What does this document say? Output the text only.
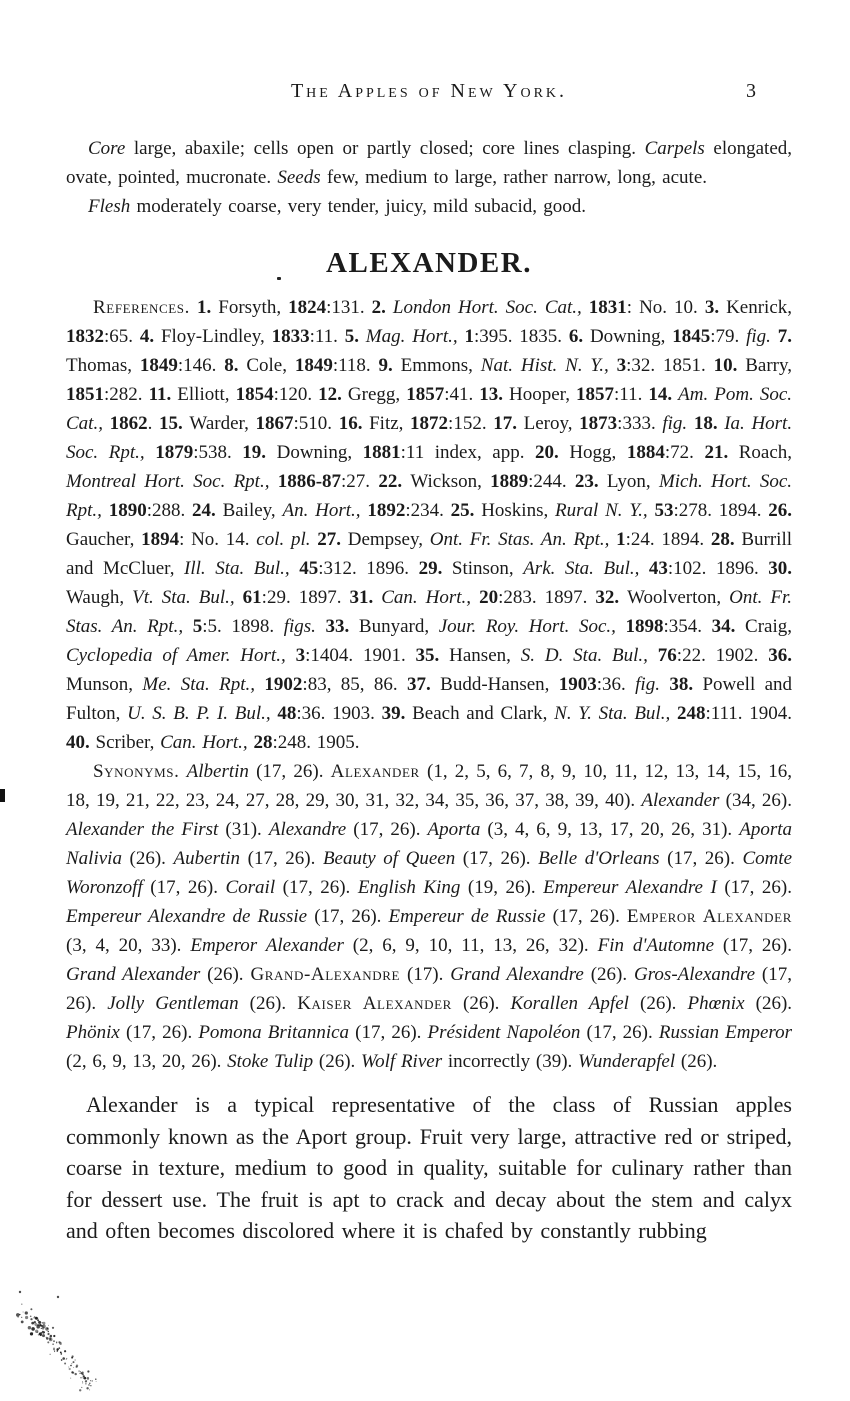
The Apples of New York.	3

Core large, abaxile; cells open or partly closed; core lines clasping. Carpels elongated, ovate, pointed, mucronate. Seeds few, medium to large, rather narrow, long, acute.

Flesh moderately coarse, very tender, juicy, mild subacid, good.

ALEXANDER.

References. 1. Forsyth, 1824:131. 2. London Hort. Soc. Cat., 1831: No. 10. 3. Kenrick, 1832:65. 4. Floy-Lindley, 1833:11. 5. Mag. Hort., 1:395. 1835. 6. Downing, 1845:79. fig. 7. Thomas, 1849:146. 8. Cole, 1849:118. 9. Emmons, Nat. Hist. N. Y., 3:32. 1851. 10. Barry, 1851:282. 11. Elliott, 1854:120. 12. Gregg, 1857:41. 13. Hooper, 1857:11. 14. Am. Pom. Soc. Cat., 1862. 15. Warder, 1867:510. 16. Fitz, 1872:152. 17. Leroy, 1873:333. fig. 18. Ia. Hort. Soc. Rpt., 1879:538. 19. Downing, 1881:11 index, app. 20. Hogg, 1884:72. 21. Roach, Montreal Hort. Soc. Rpt., 1886-87:27. 22. Wickson, 1889:244. 23. Lyon, Mich. Hort. Soc. Rpt., 1890:288. 24. Bailey, An. Hort., 1892:234. 25. Hoskins, Rural N. Y., 53:278. 1894. 26. Gaucher, 1894: No. 14. col. pl. 27. Dempsey, Ont. Fr. Stas. An. Rpt., 1:24. 1894. 28. Burrill and McCluer, Ill. Sta. Bul., 45:312. 1896. 29. Stinson, Ark. Sta. Bul., 43:102. 1896. 30. Waugh, Vt. Sta. Bul., 61:29. 1897. 31. Can. Hort., 20:283. 1897. 32. Woolverton, Ont. Fr. Stas. An. Rpt., 5:5. 1898. figs. 33. Bunyard, Jour. Roy. Hort. Soc., 1898:354. 34. Craig, Cyclopedia of Amer. Hort., 3:1404. 1901. 35. Hansen, S. D. Sta. Bul., 76:22. 1902. 36. Munson, Me. Sta. Rpt., 1902:83, 85, 86. 37. Budd-Hansen, 1903:36. fig. 38. Powell and Fulton, U. S. B. P. I. Bul., 48:36. 1903. 39. Beach and Clark, N. Y. Sta. Bul., 248:111. 1904. 40. Scriber, Can. Hort., 28:248. 1905.

Synonyms. Albertin (17, 26). Alexander (1, 2, 5, 6, 7, 8, 9, 10, 11, 12, 13, 14, 15, 16, 18, 19, 21, 22, 23, 24, 27, 28, 29, 30, 31, 32, 34, 35, 36, 37, 38, 39, 40). Alexander (34, 26). Alexander the First (31). Alexandre (17, 26). Aporta (3, 4, 6, 9, 13, 17, 20, 26, 31). Aporta Nalivia (26). Aubertin (17, 26). Beauty of Queen (17, 26). Belle d'Orleans (17, 26). Comte Woronzoff (17, 26). Corail (17, 26). English King (19, 26). Empereur Alexandre I (17, 26). Empereur Alexandre de Russie (17, 26). Empereur de Russie (17, 26). Emperor Alexander (3, 4, 20, 33). Emperor Alexander (2, 6, 9, 10, 11, 13, 26, 32). Fin d'Automne (17, 26). Grand Alexander (26). Grand-Alexandre (17). Grand Alexandre (26). Gros-Alexandre (17, 26). Jolly Gentleman (26). Kaiser Alexander (26). Korallen Apfel (26). Phœnix (26). Phönix (17, 26). Pomona Britannica (17, 26). Président Napoléon (17, 26). Russian Emperor (2, 6, 9, 13, 20, 26). Stoke Tulip (26). Wolf River incorrectly (39). Wunderapfel (26).

Alexander is a typical representative of the class of Russian apples commonly known as the Aport group. Fruit very large, attractive red or striped, coarse in texture, medium to good in quality, suitable for culinary rather than for dessert use. The fruit is apt to crack and decay about the stem and calyx and often becomes discolored where it is chafed by constantly rubbing
